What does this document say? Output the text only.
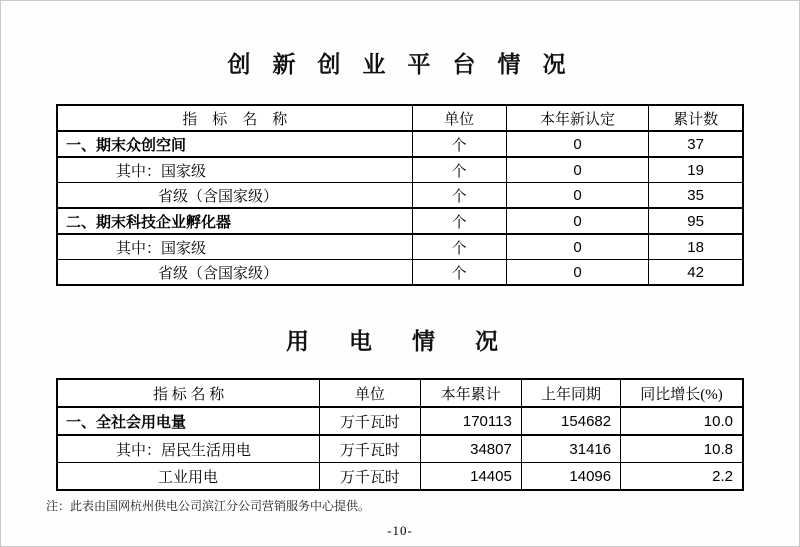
创 新 创 业 平 台 情 况
指　标　名　称	单位	本年新认定	累计数
一、期末众创空间	个	0	37
其中：国家级	个	0	19
省级（含国家级）	个	0	35
二、期末科技企业孵化器	个	0	95
其中：国家级	个	0	18
省级（含国家级）	个	0	42
用 电 情 况
指 标 名 称	单位	本年累计	上年同期	同比增长(%)
一、全社会用电量	万千瓦时	170113	154682	10.0
其中：居民生活用电	万千瓦时	34807	31416	10.8
工业用电	万千瓦时	14405	14096	2.2

注：此表由国网杭州供电公司滨江分公司营销服务中心提供。

-10-
